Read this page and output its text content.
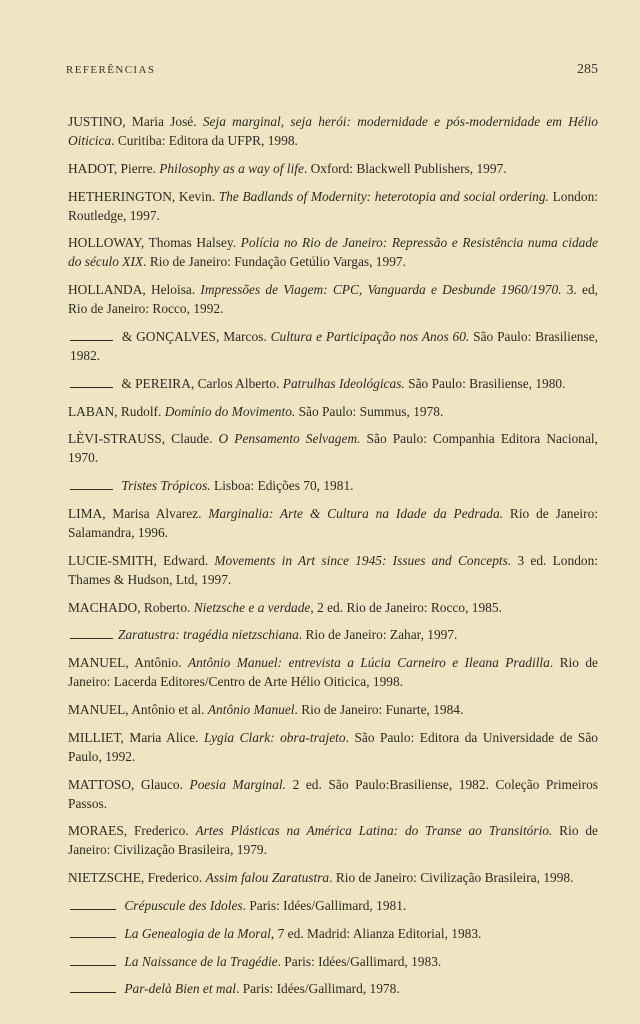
REFERÊNCIAS	285

JUSTINO, Maria José. Seja marginal, seja herói: modernidade e pós-modernidade em Hélio Oiticica. Curitiba: Editora da UFPR, 1998.

HADOT, Pierre. Philosophy as a way of life. Oxford: Blackwell Publishers, 1997.

HETHERINGTON, Kevin. The Badlands of Modernity: heterotopia and social ordering. London: Routledge, 1997.

HOLLOWAY, Thomas Halsey. Polícia no Rio de Janeiro: Repressão e Resistência numa cidade do século XIX. Rio de Janeiro: Fundação Getúlio Vargas, 1997.

HOLLANDA, Heloisa. Impressões de Viagem: CPC, Vanguarda e Desbunde 1960/1970. 3. ed, Rio de Janeiro: Rocco, 1992.

& GONÇALVES, Marcos. Cultura e Participação nos Anos 60. São Paulo: Brasiliense, 1982.

& PEREIRA, Carlos Alberto. Patrulhas Ideológicas. São Paulo: Brasiliense, 1980.

LABAN, Rudolf. Domínio do Movimento. São Paulo: Summus, 1978.

LÈVI-STRAUSS, Claude. O Pensamento Selvagem. São Paulo: Companhia Editora Nacional, 1970.

Tristes Trópicos. Lisboa: Edições 70, 1981.

LIMA, Marisa Alvarez. Marginalia: Arte & Cultura na Idade da Pedrada. Rio de Janeiro: Salamandra, 1996.

LUCIE-SMITH, Edward. Movements in Art since 1945: Issues and Concepts. 3 ed. London: Thames & Hudson, Ltd, 1997.

MACHADO, Roberto. Nietzsche e a verdade, 2 ed. Rio de Janeiro: Rocco, 1985.

Zaratustra: tragédia nietzschiana. Rio de Janeiro: Zahar, 1997.

MANUEL, Antônio. Antônio Manuel: entrevista a Lúcia Carneiro e Ileana Pradilla. Rio de Janeiro: Lacerda Editores/Centro de Arte Hélio Oiticica, 1998.

MANUEL, Antônio et al. Antônio Manuel. Rio de Janeiro: Funarte, 1984.

MILLIET, Maria Alice. Lygia Clark: obra-trajeto. São Paulo: Editora da Universidade de São Paulo, 1992.

MATTOSO, Glauco. Poesia Marginal. 2 ed. São Paulo:Brasiliense, 1982. Coleção Primeiros Passos.

MORAES, Frederico. Artes Plásticas na América Latina: do Transe ao Transitório. Rio de Janeiro: Civilização Brasileira, 1979.

NIETZSCHE, Frederico. Assim falou Zaratustra. Rio de Janeiro: Civilização Brasileira, 1998.

Crépuscule des Idoles. Paris: Idées/Gallimard, 1981.

La Genealogia de la Moral, 7 ed. Madrid: Alianza Editorial, 1983.

La Naissance de la Tragédie. Paris: Idées/Gallimard, 1983.

Par-delà Bien et mal. Paris: Idées/Gallimard, 1978.
